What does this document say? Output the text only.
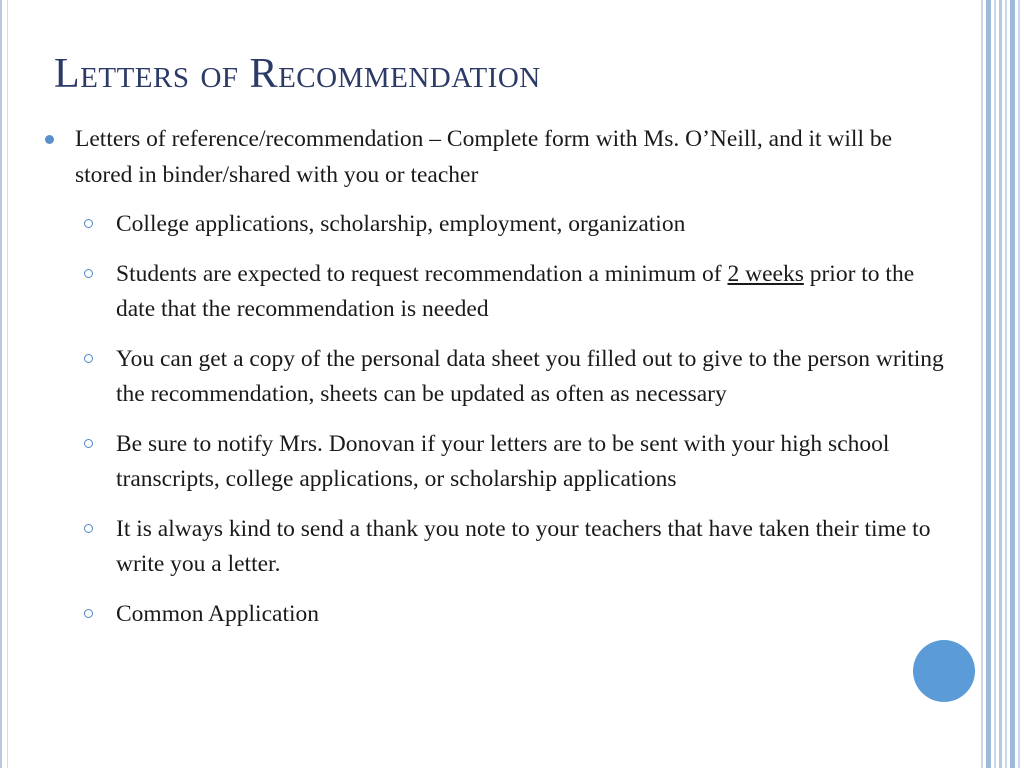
Letters of Recommendation

Letters of reference/recommendation – Complete form with Ms. O’Neill, and it will be stored in binder/shared with you or teacher

College applications, scholarship, employment, organization

Students are expected to request recommendation a minimum of 2 weeks prior to the date that the recommendation is needed

You can get a copy of the personal data sheet you filled out to give to the person writing the recommendation, sheets can be updated as often as necessary

Be sure to notify Mrs. Donovan if your letters are to be sent with your high school transcripts, college applications, or scholarship applications

It is always kind to send a thank you note to your teachers that have taken their time to write you a letter.

Common Application
